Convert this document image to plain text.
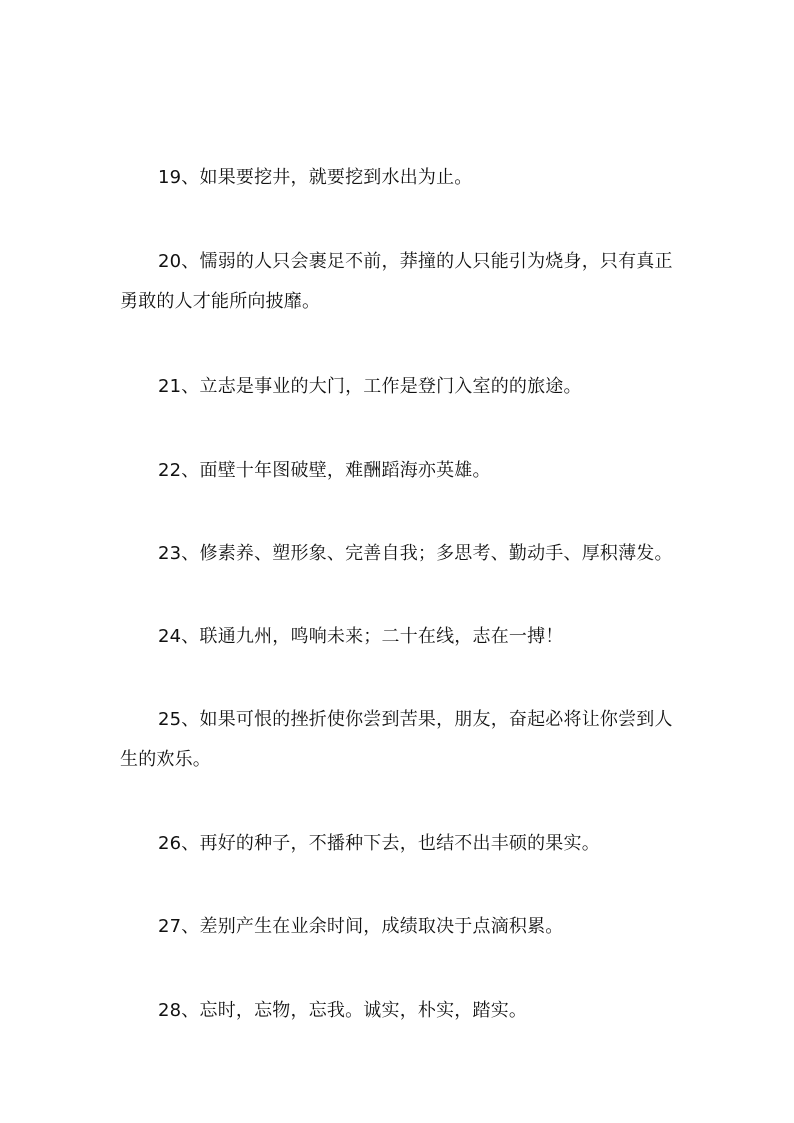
19、如果要挖井，就要挖到水出为止。

20、懦弱的人只会裹足不前，莽撞的人只能引为烧身，只有真正勇敢的人才能所向披靡。

21、立志是事业的大门，工作是登门入室的的旅途。

22、面壁十年图破壁，难酬蹈海亦英雄。

23、修素养、塑形象、完善自我；多思考、勤动手、厚积薄发。

24、联通九州，鸣响未来；二十在线，志在一搏！

25、如果可恨的挫折使你尝到苦果，朋友，奋起必将让你尝到人生的欢乐。

26、再好的种子，不播种下去，也结不出丰硕的果实。

27、差别产生在业余时间，成绩取决于点滴积累。

28、忘时，忘物，忘我。诚实，朴实，踏实。
